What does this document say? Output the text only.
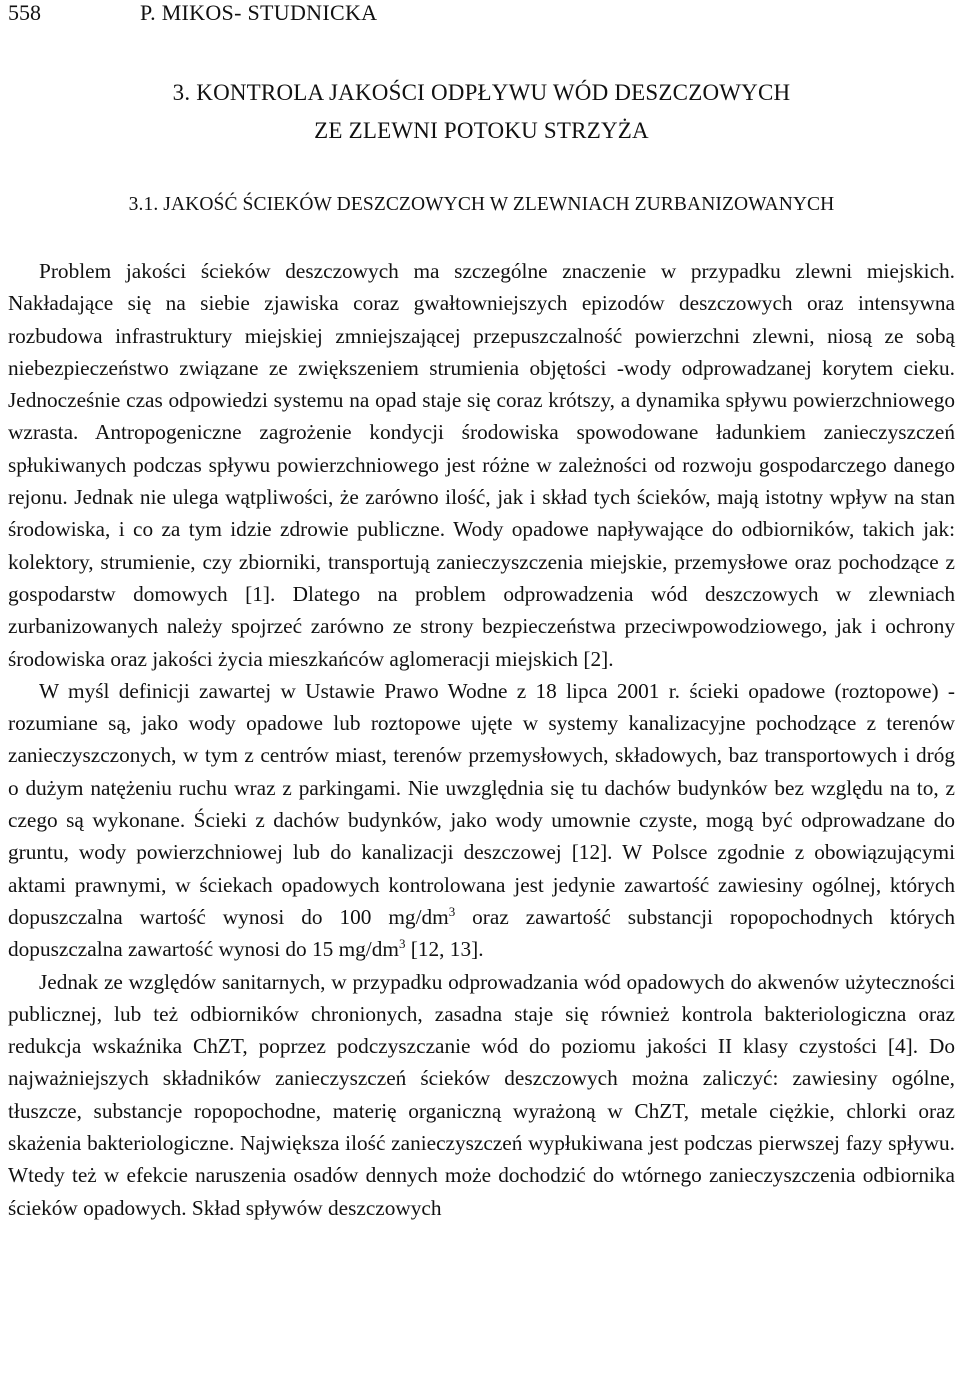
558	P. MIKOS- STUDNICKA
3. KONTROLA JAKOŚCI ODPŁYWU WÓD DESZCZOWYCH
ZE ZLEWNI POTOKU STRZYŻA
3.1. JAKOŚĆ ŚCIEKÓW DESZCZOWYCH W ZLEWNIACH ZURBANIZOWANYCH

Problem jakości ścieków deszczowych ma szczególne znaczenie w przypadku zlewni miejskich. Nakładające się na siebie zjawiska coraz gwałtowniejszych epizodów deszczowych oraz intensywna rozbudowa infrastruktury miejskiej zmniejszającej przepuszczalność powierzchni zlewni, niosą ze sobą niebezpieczeństwo związane ze zwiększeniem strumienia objętości -wody odprowadzanej korytem cieku. Jednocześnie czas odpowiedzi systemu na opad staje się coraz krótszy, a dynamika spływu powierzchniowego wzrasta. Antropogeniczne zagrożenie kondycji środowiska spowodowane ładunkiem zanieczyszczeń spłukiwanych podczas spływu powierzchniowego jest różne w zależności od rozwoju gospodarczego danego rejonu. Jednak nie ulega wątpliwości, że zarówno ilość, jak i skład tych ścieków, mają istotny wpływ na stan środowiska, i co za tym idzie zdrowie publiczne. Wody opadowe napływające do odbiorników, takich jak: kolektory, strumienie, czy zbiorniki, transportują zanieczyszczenia miejskie, przemysłowe oraz pochodzące z gospodarstw domowych [1]. Dlatego na problem odprowadzenia wód deszczowych w zlewniach zurbanizowanych należy spojrzeć zarówno ze strony bezpieczeństwa przeciwpowodziowego, jak i ochrony środowiska oraz jakości życia mieszkańców aglomeracji miejskich [2].

W myśl definicji zawartej w Ustawie Prawo Wodne z 18 lipca 2001 r. ścieki opadowe (roztopowe) - rozumiane są, jako wody opadowe lub roztopowe ujęte w systemy kanalizacyjne pochodzące z terenów zanieczyszczonych, w tym z centrów miast, terenów przemysłowych, składowych, baz transportowych i dróg o dużym natężeniu ruchu wraz z parkingami. Nie uwzględnia się tu dachów budynków bez względu na to, z czego są wykonane. Ścieki z dachów budynków, jako wody umownie czyste, mogą być odprowadzane do gruntu, wody powierzchniowej lub do kanalizacji deszczowej [12]. W Polsce zgodnie z obowiązującymi aktami prawnymi, w ściekach opadowych kontrolowana jest jedynie zawartość zawiesiny ogólnej, których dopuszczalna wartość wynosi do 100 $mg/dm^3$ oraz zawartość substancji ropopochodnych których dopuszczalna zawartość wynosi do 15 $mg/dm^3$ [12, 13].

Jednak ze względów sanitarnych, w przypadku odprowadzania wód opadowych do akwenów użyteczności publicznej, lub też odbiorników chronionych, zasadna staje się również kontrola bakteriologiczna oraz redukcja wskaźnika ChZT, poprzez podczyszczanie wód do poziomu jakości II klasy czystości [4]. Do najważniejszych składników zanieczyszczeń ścieków deszczowych można zaliczyć: zawiesiny ogólne, tłuszcze, substancje ropopochodne, materię organiczną wyrażoną w ChZT, metale ciężkie, chlorki oraz skażenia bakteriologiczne. Największa ilość zanieczyszczeń wypłukiwana jest podczas pierwszej fazy spływu. Wtedy też w efekcie naruszenia osadów dennych może dochodzić do wtórnego zanieczyszczenia odbiornika ścieków opadowych. Skład spływów deszczowych
